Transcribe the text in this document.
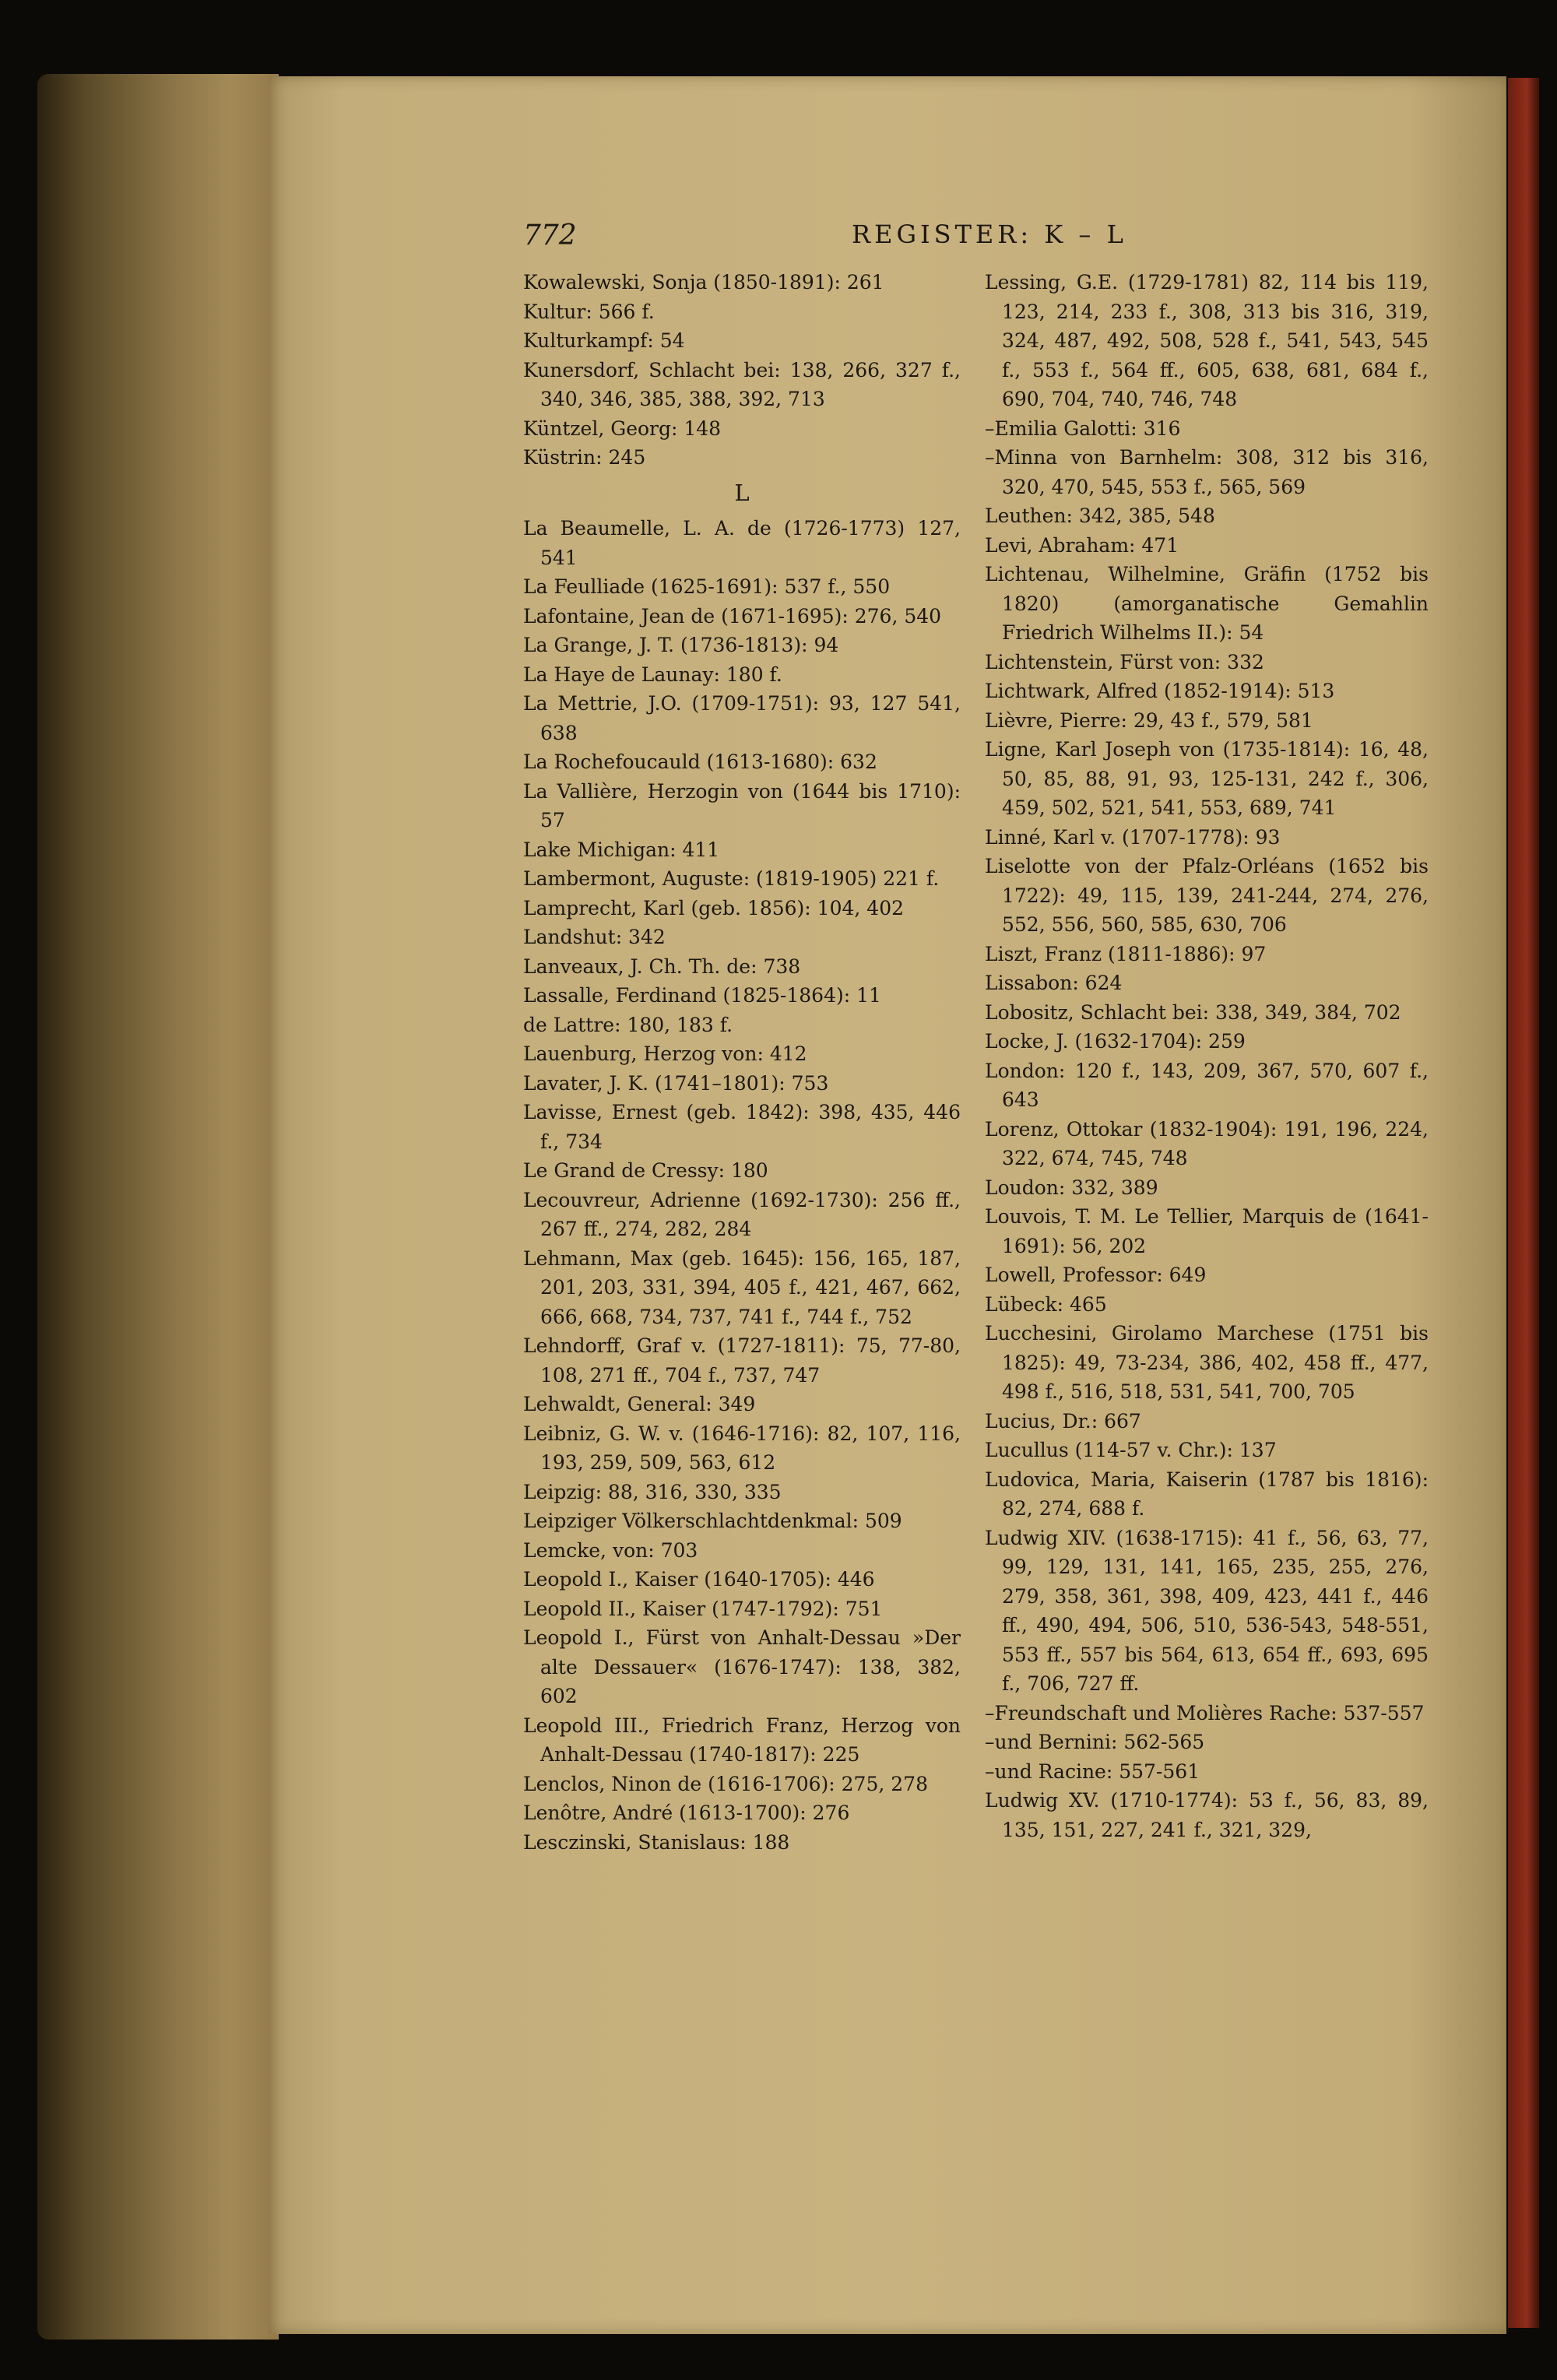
772	REGISTER: K – L

Kowalewski, Sonja (1850-1891): 261

Kultur: 566 f.

Kulturkampf: 54

Kunersdorf, Schlacht bei: 138, 266, 327 f., 340, 346, 385, 388, 392, 713

Küntzel, Georg: 148

Küstrin: 245

L

La Beaumelle, L. A. de (1726-1773) 127, 541

La Feulliade (1625-1691): 537 f., 550

Lafontaine, Jean de (1671-1695): 276, 540

La Grange, J. T. (1736-1813): 94

La Haye de Launay: 180 f.

La Mettrie, J.O. (1709-1751): 93, 127 541, 638

La Rochefoucauld (1613-1680): 632

La Vallière, Herzogin von (1644 bis 1710): 57

Lake Michigan: 411

Lambermont, Auguste: (1819-1905) 221 f.

Lamprecht, Karl (geb. 1856): 104, 402

Landshut: 342

Lanveaux, J. Ch. Th. de: 738

Lassalle, Ferdinand (1825-1864): 11

de Lattre: 180, 183 f.

Lauenburg, Herzog von: 412

Lavater, J. K. (1741–1801): 753

Lavisse, Ernest (geb. 1842): 398, 435, 446 f., 734

Le Grand de Cressy: 180

Lecouvreur, Adrienne (1692-1730): 256 ff., 267 ff., 274, 282, 284

Lehmann, Max (geb. 1645): 156, 165, 187, 201, 203, 331, 394, 405 f., 421, 467, 662, 666, 668, 734, 737, 741 f., 744 f., 752

Lehndorff, Graf v. (1727-1811): 75, 77-80, 108, 271 ff., 704 f., 737, 747

Lehwaldt, General: 349

Leibniz, G. W. v. (1646-1716): 82, 107, 116, 193, 259, 509, 563, 612

Leipzig: 88, 316, 330, 335

Leipziger Völkerschlachtdenkmal: 509

Lemcke, von: 703

Leopold I., Kaiser (1640-1705): 446

Leopold II., Kaiser (1747-1792): 751

Leopold I., Fürst von Anhalt-Dessau »Der alte Dessauer« (1676-1747): 138, 382, 602

Leopold III., Friedrich Franz, Herzog von Anhalt-Dessau (1740-1817): 225

Lenclos, Ninon de (1616-1706): 275, 278

Lenôtre, André (1613-1700): 276

Lesczinski, Stanislaus: 188

Lessing, G.E. (1729-1781) 82, 114 bis 119, 123, 214, 233 f., 308, 313 bis 316, 319, 324, 487, 492, 508, 528 f., 541, 543, 545 f., 553 f., 564 ff., 605, 638, 681, 684 f., 690, 704, 740, 746, 748

–Emilia Galotti: 316

–Minna von Barnhelm: 308, 312 bis 316, 320, 470, 545, 553 f., 565, 569

Leuthen: 342, 385, 548

Levi, Abraham: 471

Lichtenau, Wilhelmine, Gräfin (1752 bis 1820) (amorganatische Gemahlin Friedrich Wilhelms II.): 54

Lichtenstein, Fürst von: 332

Lichtwark, Alfred (1852-1914): 513

Lièvre, Pierre: 29, 43 f., 579, 581

Ligne, Karl Joseph von (1735-1814): 16, 48, 50, 85, 88, 91, 93, 125-131, 242 f., 306, 459, 502, 521, 541, 553, 689, 741

Linné, Karl v. (1707-1778): 93

Liselotte von der Pfalz-Orléans (1652 bis 1722): 49, 115, 139, 241-244, 274, 276, 552, 556, 560, 585, 630, 706

Liszt, Franz (1811-1886): 97

Lissabon: 624

Lobositz, Schlacht bei: 338, 349, 384, 702

Locke, J. (1632-1704): 259

London: 120 f., 143, 209, 367, 570, 607 f., 643

Lorenz, Ottokar (1832-1904): 191, 196, 224, 322, 674, 745, 748

Loudon: 332, 389

Louvois, T. M. Le Tellier, Marquis de (1641-1691): 56, 202

Lowell, Professor: 649

Lübeck: 465

Lucchesini, Girolamo Marchese (1751 bis 1825): 49, 73-234, 386, 402, 458 ff., 477, 498 f., 516, 518, 531, 541, 700, 705

Lucius, Dr.: 667

Lucullus (114-57 v. Chr.): 137

Ludovica, Maria, Kaiserin (1787 bis 1816): 82, 274, 688 f.

Ludwig XIV. (1638-1715): 41 f., 56, 63, 77, 99, 129, 131, 141, 165, 235, 255, 276, 279, 358, 361, 398, 409, 423, 441 f., 446 ff., 490, 494, 506, 510, 536-543, 548-551, 553 ff., 557 bis 564, 613, 654 ff., 693, 695 f., 706, 727 ff.

–Freundschaft und Molières Rache: 537-557

–und Bernini: 562-565

–und Racine: 557-561

Ludwig XV. (1710-1774): 53 f., 56, 83, 89, 135, 151, 227, 241 f., 321, 329,
